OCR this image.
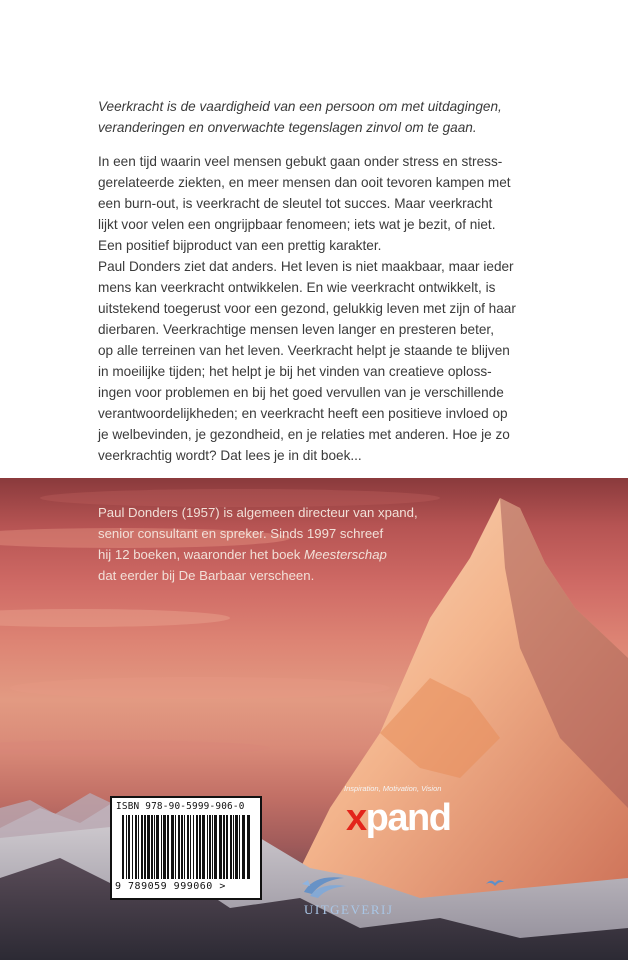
Veerkracht is de vaardigheid van een persoon om met uitdagingen,
veranderingen en onverwachte tegenslagen zinvol om te gaan.

In een tijd waarin veel mensen gebukt gaan onder stress en stress-

gerelateerde ziekten, en meer mensen dan ooit tevoren kampen met

een burn-out, is veerkracht de sleutel tot succes. Maar veerkracht

lijkt voor velen een ongrijpbaar fenomeen; iets wat je bezit, of niet.

Een positief bijproduct van een prettig karakter.

Paul Donders ziet dat anders. Het leven is niet maakbaar, maar ieder

mens kan veerkracht ontwikkelen. En wie veerkracht ontwikkelt, is

uitstekend toegerust voor een gezond, gelukkig leven met zijn of haar

dierbaren. Veerkrachtige mensen leven langer en presteren beter,

op alle terreinen van het leven. Veerkracht helpt je staande te blijven

in moeilijke tijden; het helpt je bij het vinden van creatieve oploss-

ingen voor problemen en bij het goed vervullen van je verschillende

verantwoordelijkheden; en veerkracht heeft een positieve invloed op

je welbevinden, je gezondheid, en je relaties met anderen. Hoe je zo

veerkrachtig wordt? Dat lees je in dit boek...

Paul Donders (1957) is algemeen directeur van xpand,
senior consultant en spreker. Sinds 1997 schreef
hij 12 boeken, waaronder het boek Meesterschap
dat eerder bij De Barbaar verscheen.
ISBN 978-90-5999-906-0
9 789059 999060 >
Inspiration, Motivation, Vision
xpand
UITGEVERIJ
